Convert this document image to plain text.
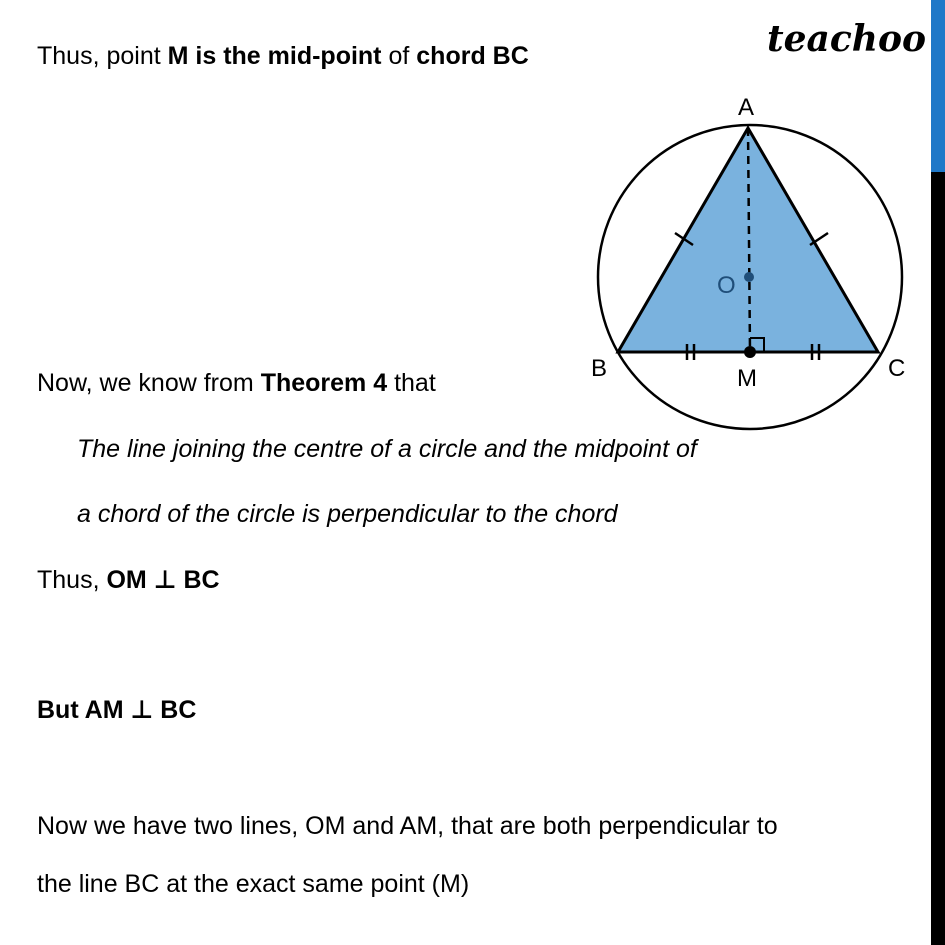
teachoo
Thus, point M is the mid-point of chord BC
Now, we know from Theorem 4 that
The line joining the centre of a circle and the midpoint of
a chord of the circle is perpendicular to the chord
Thus, OM ⊥ BC
But AM ⊥ BC
Now we have two lines, OM and AM, that are both perpendicular to
the line BC at the exact same point (M)
A
B	C
O
M
